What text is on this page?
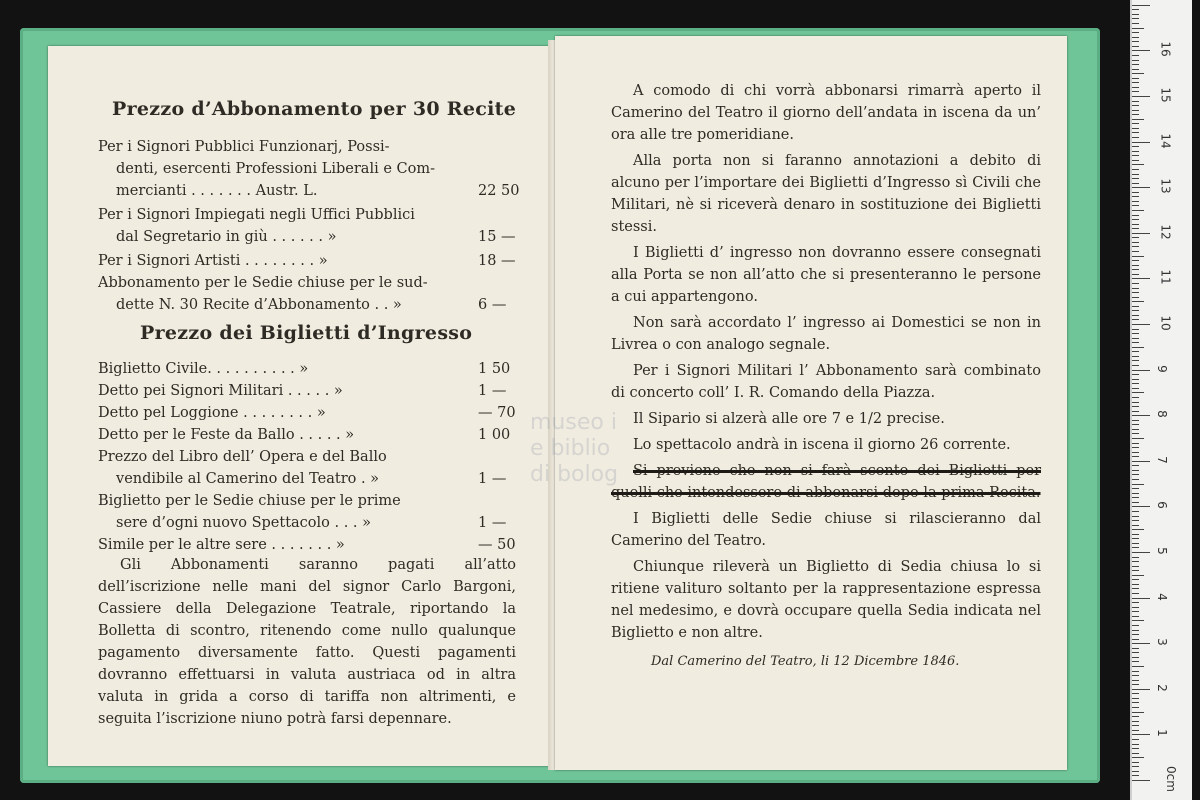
Prezzo d’Abbonamento per 30 Recite
Per i Signori Pubblici Funzionarj, Possi-
denti, esercenti Professioni Liberali e Com-
mercianti . . . . . . . Austr. L.	22 50
Per i Signori Impiegati negli Uffici Pubblici
dal Segretario in giù . . . . . . »	15 —
Per i Signori Artisti . . . . . . . . »	18 —
Abbonamento per le Sedie chiuse per le sud-
dette N. 30 Recite d’Abbonamento . . »	6 —
Prezzo dei Biglietti d’Ingresso
Biglietto Civile. . . . . . . . . . »	1 50
Detto pei Signori Militari . . . . . »	1 —
Detto pel Loggione . . . . . . . . »	— 70
Detto per le Feste da Ballo . . . . . »	1 00
Prezzo del Libro dell’ Opera e del Ballo
vendibile al Camerino del Teatro . »	1 —
Biglietto per le Sedie chiuse per le prime
sere d’ogni nuovo Spettacolo . . . »	1 —
Simile per le altre sere . . . . . . . »	— 50
Gli Abbonamenti saranno pagati all’atto dell’iscrizione nelle mani del signor Carlo Bargoni, Cassiere della Delegazione Teatrale, riportando la Bolletta di scontro, ritenendo come nullo qualunque pagamento diversamente fatto. Questi pagamenti dovranno effettuarsi in valuta austriaca od in altra valuta in grida a corso di tariffa non altrimenti, e seguita l’iscrizione niuno potrà farsi depennare.
A comodo di chi vorrà abbonarsi rimarrà aperto il Camerino del Teatro il giorno dell’andata in iscena da un’ ora alle tre pomeridiane.
Alla porta non si faranno annotazioni a debito di alcuno per l’importare dei Biglietti d’Ingresso sì Civili che Militari, nè si riceverà denaro in sostituzione dei Biglietti stessi.
I Biglietti d’ ingresso non dovranno essere consegnati alla Porta se non all’atto che si presenteranno le persone a cui appartengono.
Non sarà accordato l’ ingresso ai Domestici se non in Livrea o con analogo segnale.
Per i Signori Militari l’ Abbonamento sarà combinato di concerto coll’ I. R. Comando della Piazza.
Il Sipario si alzerà alle ore 7 e 1/2 precise.
Lo spettacolo andrà in iscena il giorno 26 corrente.
Si previene che non si farà sconto dei Biglietti per quelli che intendessero di abbonarsi dopo la prima Recita.
I Biglietti delle Sedie chiuse si rilascieranno dal Camerino del Teatro.
Chiunque rileverà un Biglietto di Sedia chiusa lo si ritiene valituro soltanto per la rappresentazione espressa nel medesimo, e dovrà occupare quella Sedia indicata nel Biglietto e non altre.
Dal Camerino del Teatro, li 12 Dicembre 1846.
museo i
e biblio
di bolog
0cm
1
2
3
4
5
6
7
8
9
10
11
12
13
14
15
16
